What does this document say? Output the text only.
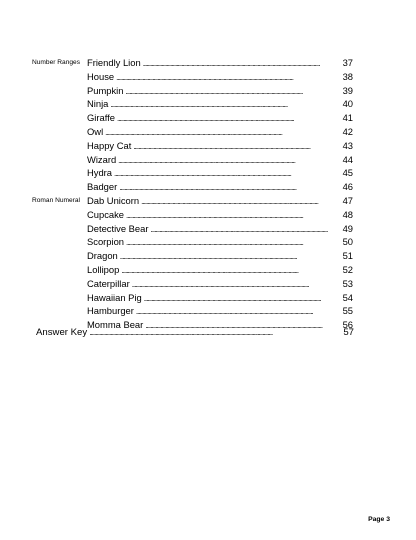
Number Ranges Friendly Lion . . .	37
House . . .	38
Pumpkin . . .	39
Ninja . . .	40
Giraffe . . .	41
Owl . . .	42
Happy Cat . . .	43
Wizard . . .	44
Hydra . . .	45
Badger . . .	46
Roman Numeral Dab Unicorn . . .	47
Cupcake . . .	48
Detective Bear . . .	49
Scorpion . . .	50
Dragon . . .	51
Lollipop . . .	52
Caterpillar . . .	53
Hawaiian Pig . . .	54
Hamburger . . .	55
Momma Bear . . .	56
Answer Key . . .	57
Page 3
